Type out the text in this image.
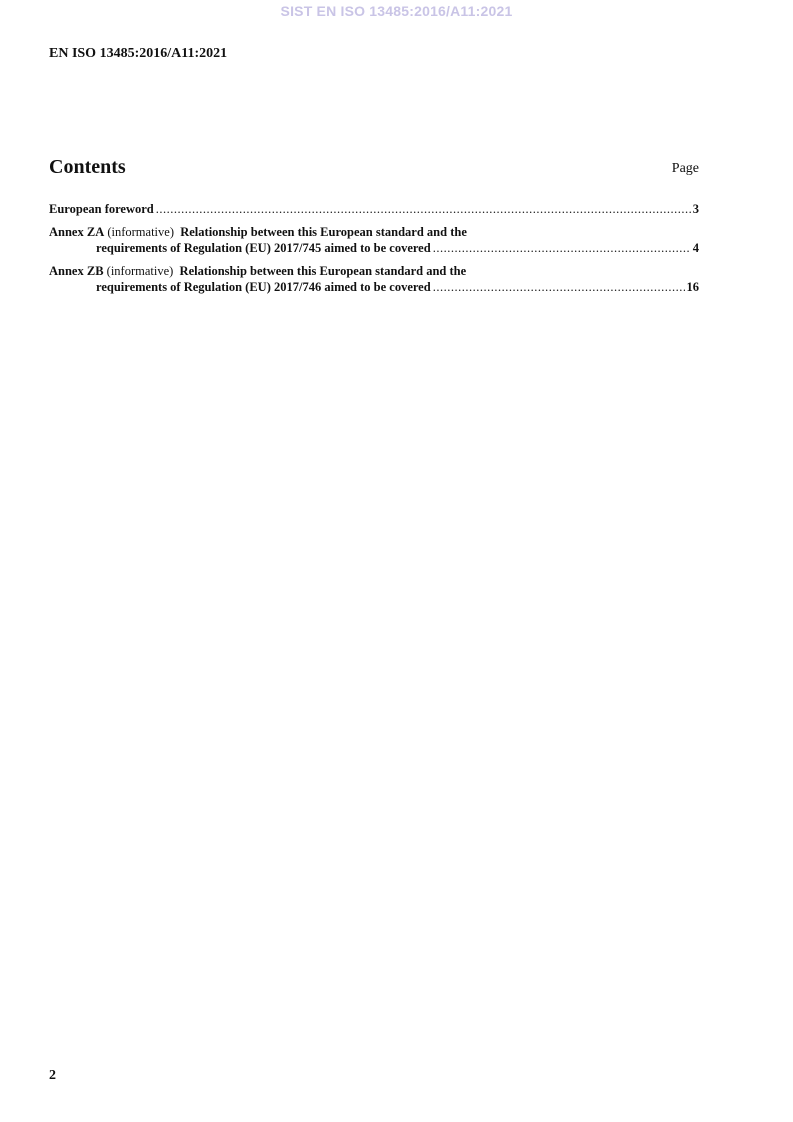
SIST EN ISO 13485:2016/A11:2021
EN ISO 13485:2016/A11:2021
Contents	Page
European foreword .....	3
Annex ZA
(informative)
Relationship between this European standard and the
requirements of Regulation (EU) 2017/745 aimed to be covered .....	4
Annex ZB
(informative)
Relationship between this European standard and the
requirements of Regulation (EU) 2017/746 aimed to be covered .....	16
2
